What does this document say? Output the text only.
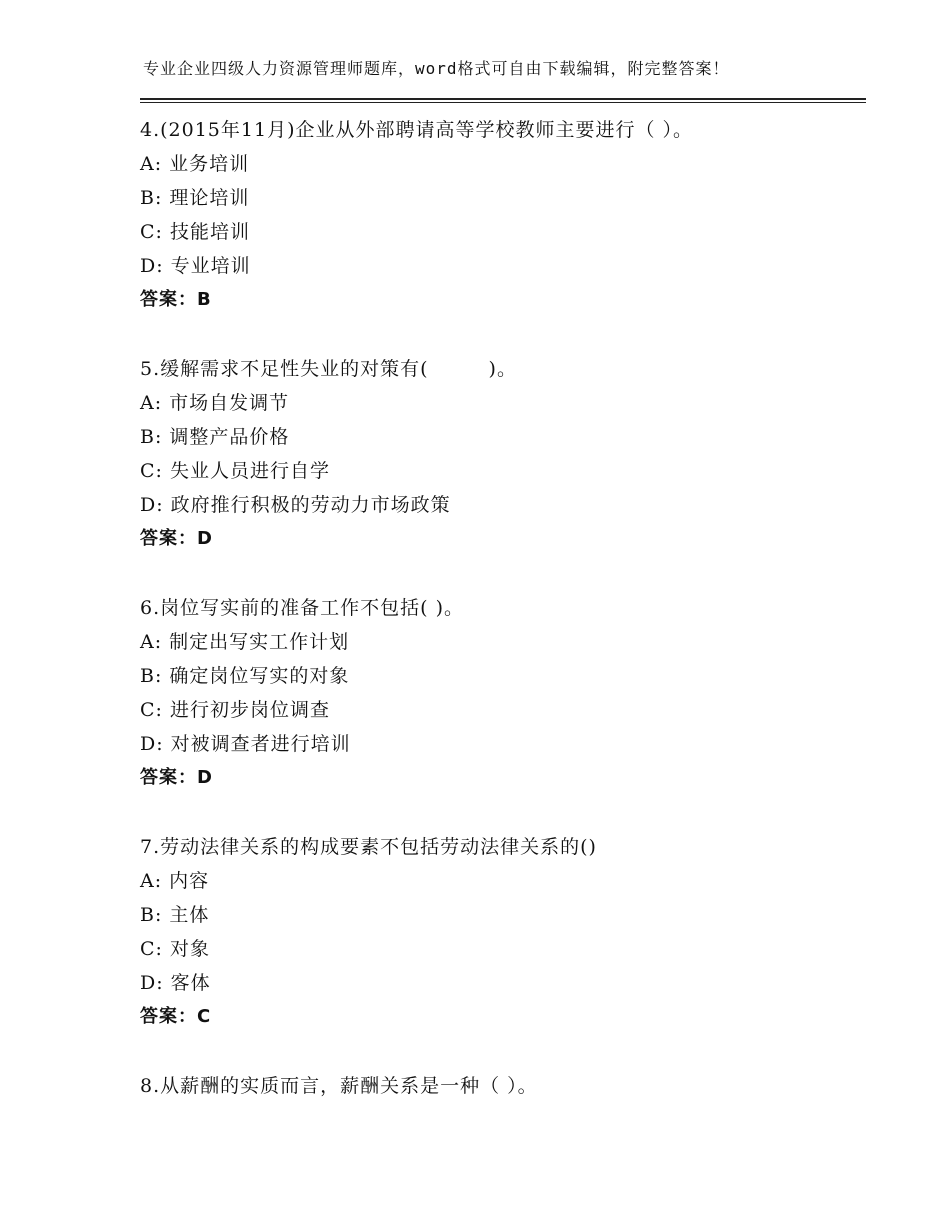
专业企业四级人力资源管理师题库，word格式可自由下载编辑，附完整答案！
4.(2015年11月)企业从外部聘请高等学校教师主要进行（ ）。
A: 业务培训
B: 理论培训
C: 技能培训
D: 专业培训
答案：B
5.缓解需求不足性失业的对策有(　　　)。
A: 市场自发调节
B: 调整产品价格
C: 失业人员进行自学
D: 政府推行积极的劳动力市场政策
答案：D
6.岗位写实前的准备工作不包括( )。
A: 制定出写实工作计划
B: 确定岗位写实的对象
C: 进行初步岗位调查
D: 对被调查者进行培训
答案：D
7.劳动法律关系的构成要素不包括劳动法律关系的()
A: 内容
B: 主体
C: 对象
D: 客体
答案：C
8.从薪酬的实质而言，薪酬关系是一种（ ）。
